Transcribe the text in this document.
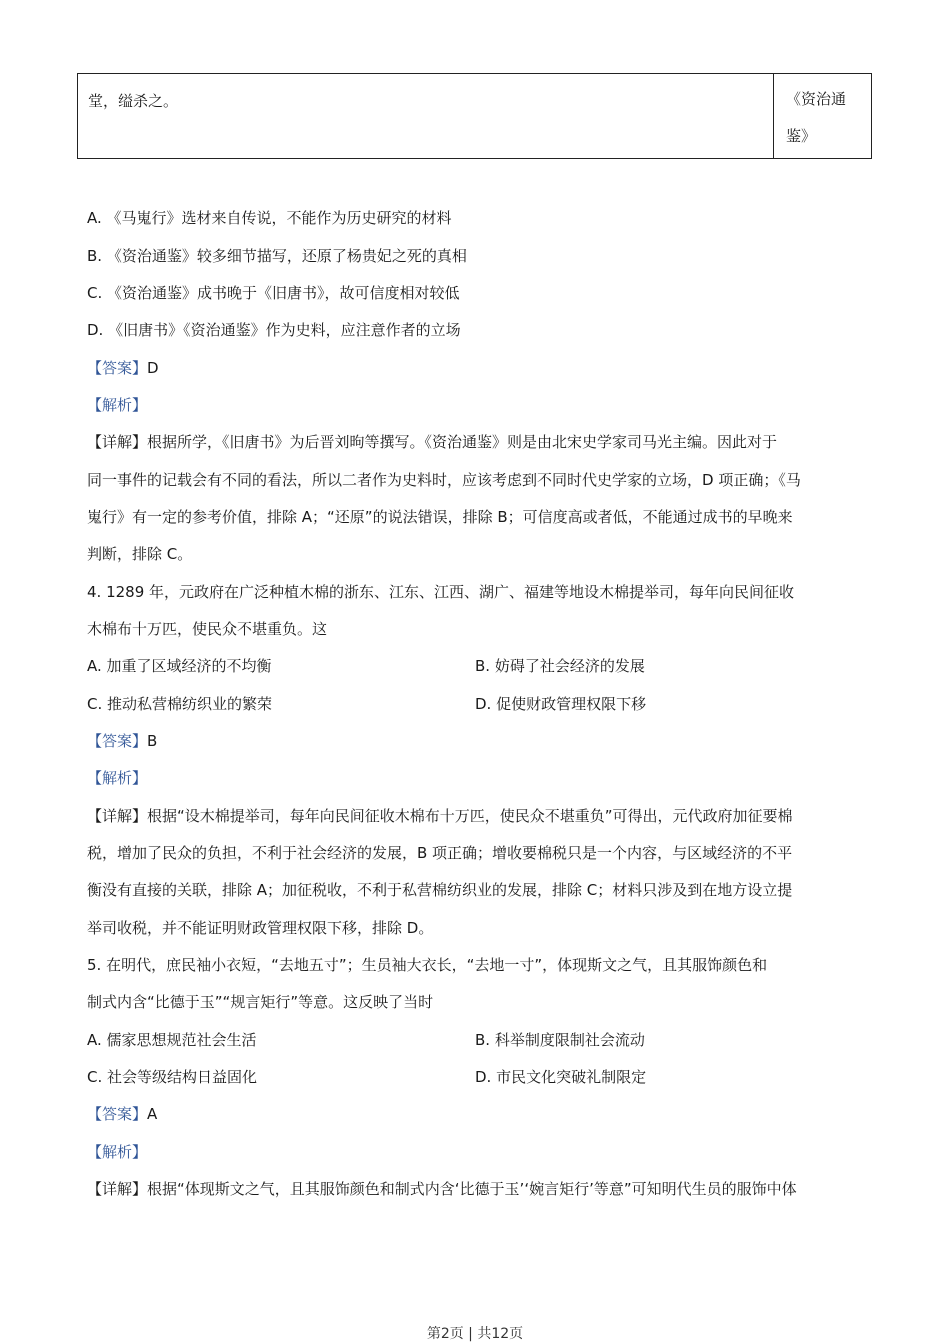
堂，缢杀之。	《资治通
鉴》
A. 《马嵬行》选材来自传说，不能作为历史研究的材料
B. 《资治通鉴》较多细节描写，还原了杨贵妃之死的真相
C. 《资治通鉴》成书晚于《旧唐书》，故可信度相对较低
D. 《旧唐书》《资治通鉴》作为史料，应注意作者的立场
【答案】D
【解析】
【详解】根据所学，《旧唐书》为后晋刘昫等撰写。《资治通鉴》则是由北宋史学家司马光主编。因此对于
同一事件的记载会有不同的看法，所以二者作为史料时，应该考虑到不同时代史学家的立场，D 项正确；《马
嵬行》有一定的参考价值，排除 A；“还原”的说法错误，排除 B；可信度高或者低，不能通过成书的早晚来
判断，排除 C。
4. 1289 年，元政府在广泛种植木棉的浙东、江东、江西、湖广、福建等地设木棉提举司，每年向民间征收
木棉布十万匹，使民众不堪重负。这
A. 加重了区域经济的不均衡	B. 妨碍了社会经济的发展
C. 推动私营棉纺织业的繁荣	D. 促使财政管理权限下移
【答案】B
【解析】
【详解】根据“设木棉提举司，每年向民间征收木棉布十万匹，使民众不堪重负”可得出，元代政府加征要棉
税，增加了民众的负担，不利于社会经济的发展，B 项正确；增收要棉税只是一个内容，与区域经济的不平
衡没有直接的关联，排除 A；加征税收，不利于私营棉纺织业的发展，排除 C；材料只涉及到在地方设立提
举司收税，并不能证明财政管理权限下移，排除 D。
5. 在明代，庶民袖小衣短，“去地五寸”；生员袖大衣长，“去地一寸”，体现斯文之气，且其服饰颜色和
制式内含“比德于玉”“规言矩行”等意。这反映了当时
A. 儒家思想规范社会生活	B. 科举制度限制社会流动
C. 社会等级结构日益固化	D. 市民文化突破礼制限定
【答案】A
【解析】
【详解】根据“体现斯文之气，且其服饰颜色和制式内含‘比德于玉’‘婉言矩行’等意”可知明代生员的服饰中体
第2页 | 共12页
